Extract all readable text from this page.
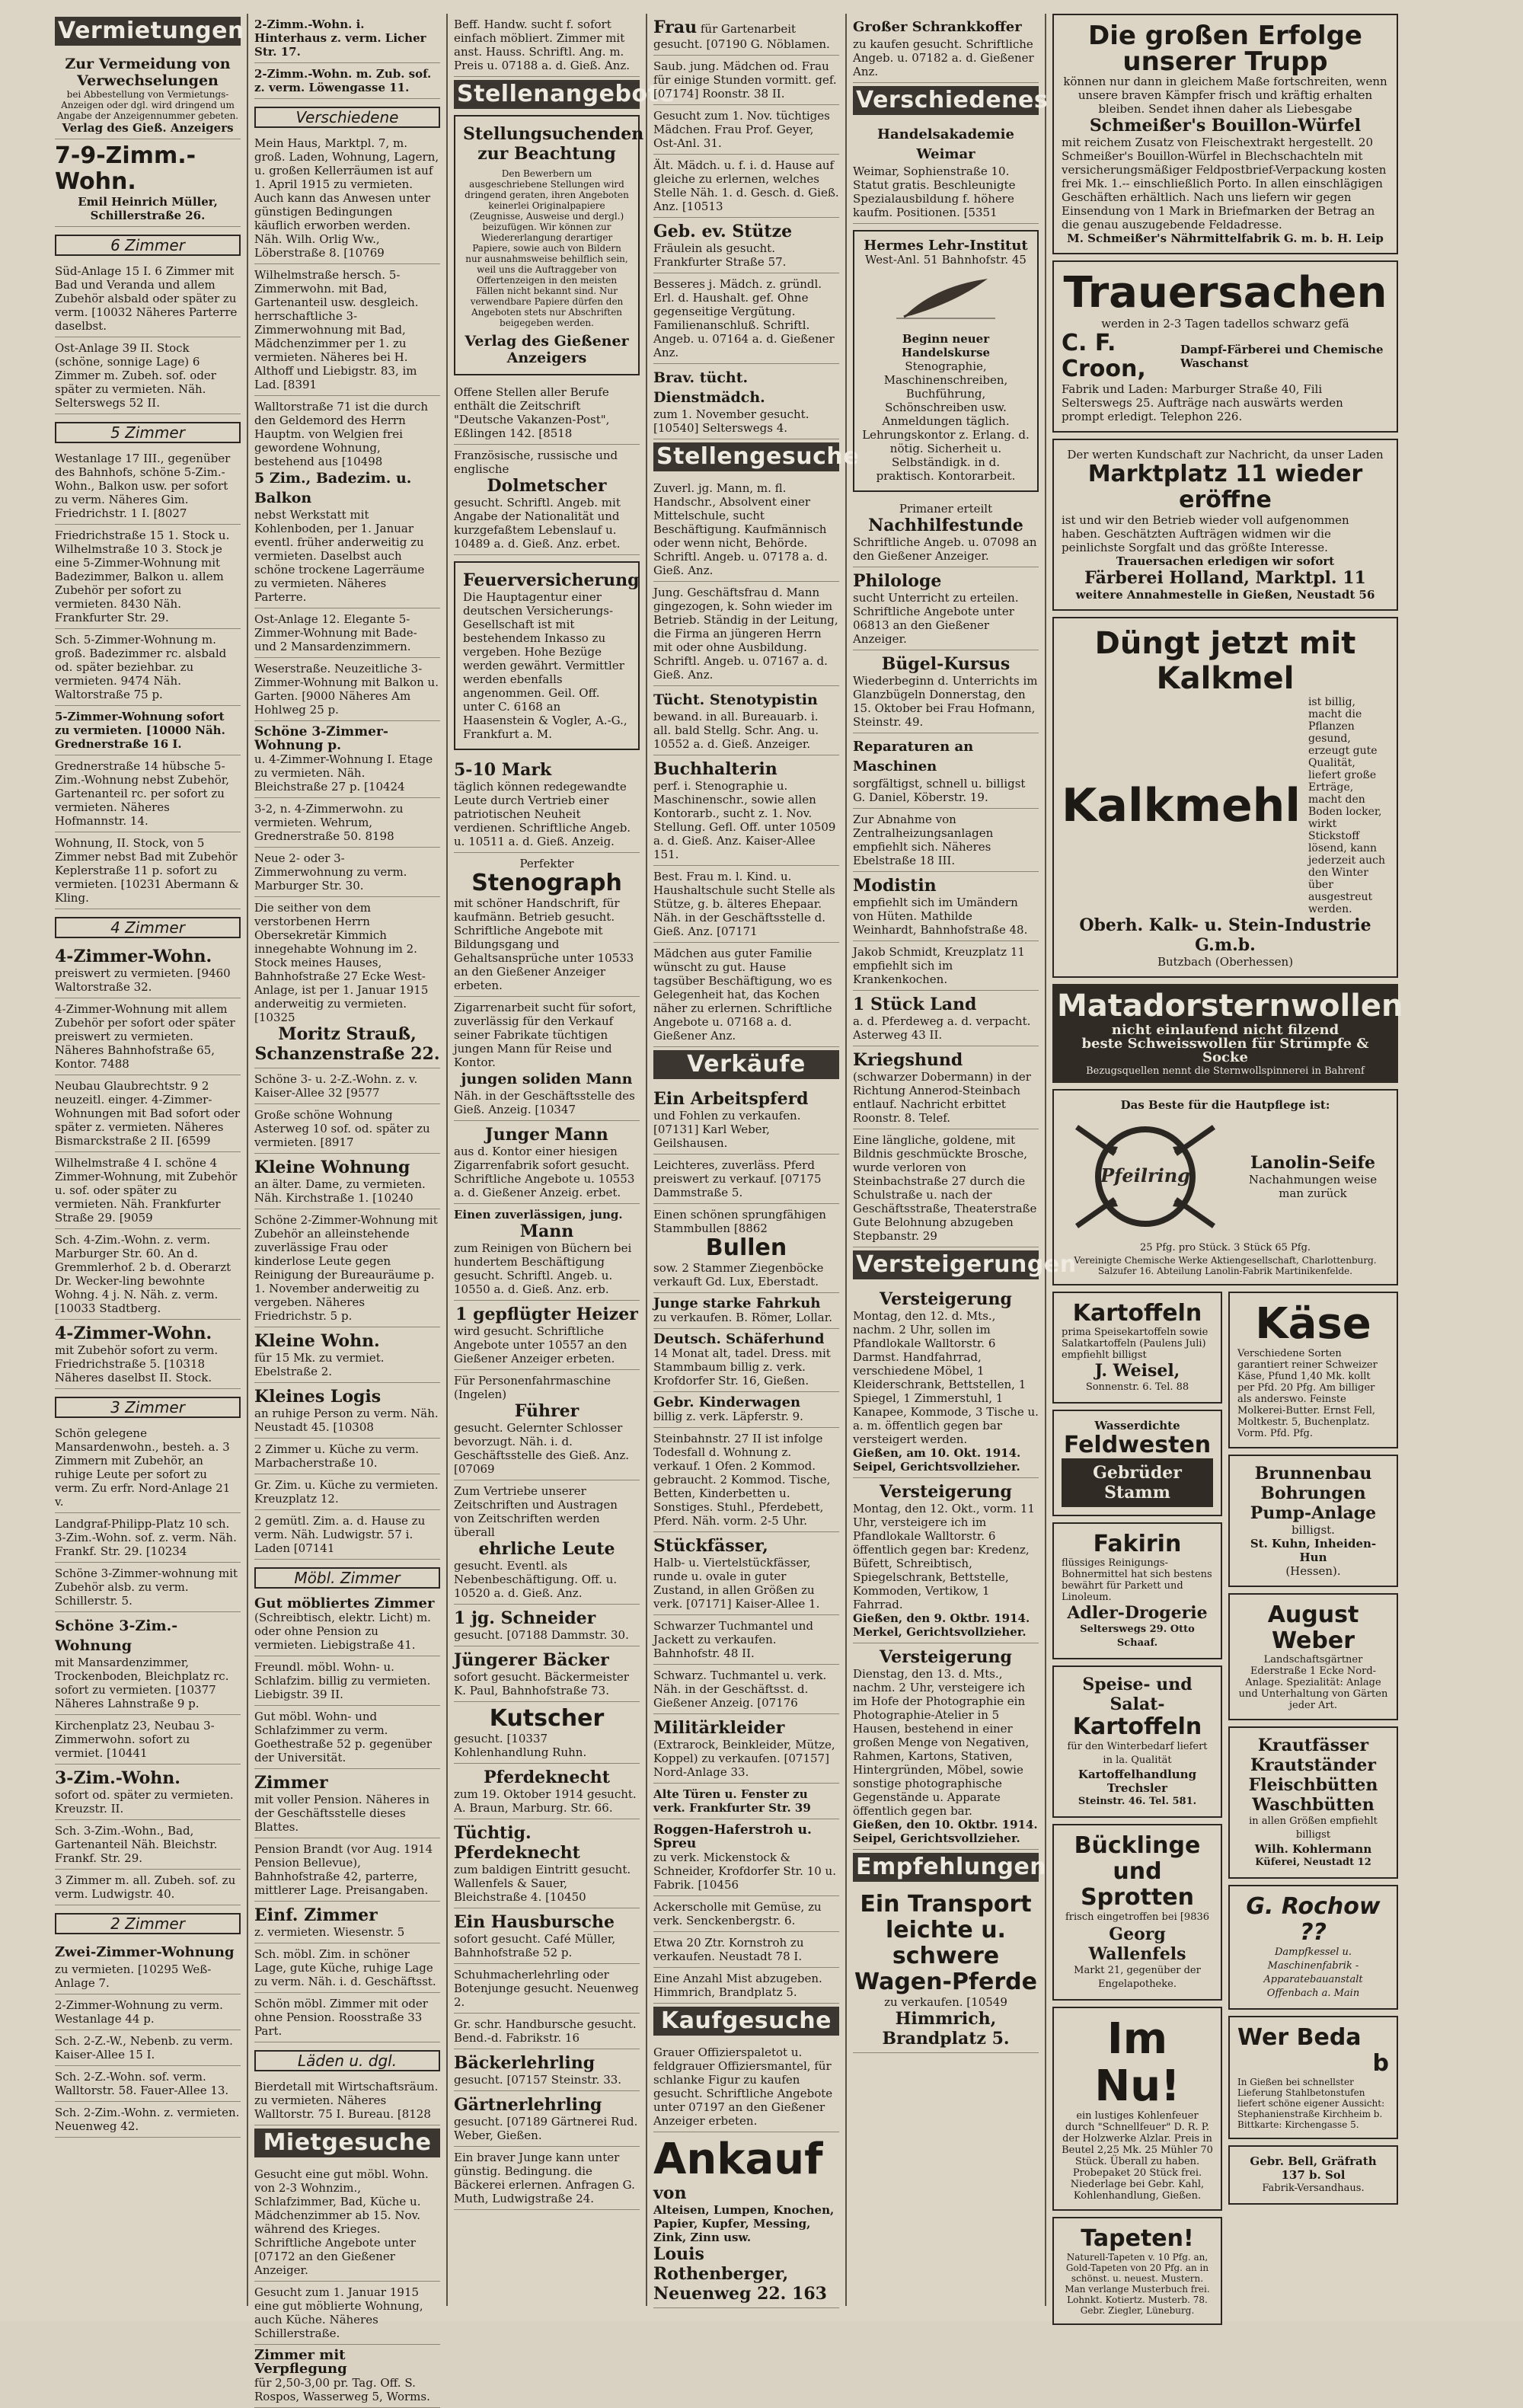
Vermietungen
Zur Vermeidung von Verwechselungen
bei Abbestellung von Vermietungs-Anzeigen oder dgl. wird dringend um Angabe der Anzeigennummer gebeten.
Verlag des Gieß. Anzeigers
7-9-Zimm.-Wohn.
Emil Heinrich Müller, Schillerstraße 26.
6 Zimmer
Süd-Anlage 15 I. 6 Zimmer mit Bad und Veranda und allem Zubehör alsbald oder später zu verm. [10032 Näheres Parterre daselbst.
Ost-Anlage 39 II. Stock (schöne, sonnige Lage) 6 Zimmer m. Zubeh. sof. oder später zu vermieten. Näh. Selterswegs 52 II.
5 Zimmer
Westanlage 17 III., gegenüber des Bahnhofs, schöne 5-Zim.-Wohn., Balkon usw. per sofort zu verm. Näheres Gim. Friedrichstr. 1 I. [8027
Friedrichstraße 15 1. Stock u. Wilhelmstraße 10 3. Stock je eine 5-Zimmer-Wohnung mit Badezimmer, Balkon u. allem Zubehör per sofort zu vermieten. 8430 Näh. Frankfurter Str. 29.
Sch. 5-Zimmer-Wohnung m. groß. Badezimmer rc. alsbald od. später beziehbar. zu vermieten. 9474 Näh. Waltorstraße 75 p.
5-Zimmer-Wohnung sofort zu vermieten. [10000 Näh. Grednerstraße 16 I.
Grednerstraße 14 hübsche 5-Zim.-Wohnung nebst Zubehör, Gartenanteil rc. per sofort zu vermieten. Näheres Hofmannstr. 14.
Wohnung, II. Stock, von 5 Zimmer nebst Bad mit Zubehör Keplerstraße 11 p. sofort zu vermieten. [10231 Abermann & Kling.
4 Zimmer
4-Zimmer-Wohn.
preiswert zu vermieten. [9460 Waltorstraße 32.
4-Zimmer-Wohnung mit allem Zubehör per sofort oder später preiswert zu vermieten. Näheres Bahnhofstraße 65, Kontor. 7488
Neubau Glaubrechtstr. 9 2 neuzeitl. einger. 4-Zimmer-Wohnungen mit Bad sofort oder später z. vermieten. Näheres Bismarckstraße 2 II. [6599
Wilhelmstraße 4 I. schöne 4 Zimmer-Wohnung, mit Zubehör u. sof. oder später zu vermieten. Näh. Frankfurter Straße 29. [9059
Sch. 4-Zim.-Wohn. z. verm. Marburger Str. 60. An d. Gremmlerhof. 2 b. d. Oberarzt Dr. Wecker-ling bewohnte Wohng. 4 j. N. Näh. z. verm. [10033 Stadtberg.
4-Zimmer-Wohn.
mit Zubehör sofort zu verm. Friedrichstraße 5. [10318 Näheres daselbst II. Stock.
3 Zimmer
Schön gelegene Mansardenwohn., besteh. a. 3 Zimmern mit Zubehör, an ruhige Leute per sofort zu verm. Zu erfr. Nord-Anlage 21 v.
Landgraf-Philipp-Platz 10 sch. 3-Zim.-Wohn. sof. z. verm. Näh. Frankf. Str. 29. [10234
Schöne 3-Zimmer-wohnung mit Zubehör alsb. zu verm. Schillerstr. 5.
Schöne 3-Zim.-Wohnung
mit Mansardenzimmer, Trockenboden, Bleichplatz rc. sofort zu vermieten. [10377 Näheres Lahnstraße 9 p.
Kirchenplatz 23, Neubau 3-Zimmerwohn. sofort zu vermiet. [10441
3-Zim.-Wohn.
sofort od. später zu vermieten. Kreuzstr. II.
Sch. 3-Zim.-Wohn., Bad, Gartenanteil Näh. Bleichstr. Frankf. Str. 29.
3 Zimmer m. all. Zubeh. sof. zu verm. Ludwigstr. 40.
2 Zimmer
Zwei-Zimmer-Wohnung
zu vermieten. [10295 Weß-Anlage 7.
2-Zimmer-Wohnung zu verm. Westanlage 44 p.
Sch. 2-Z.-W., Nebenb. zu verm. Kaiser-Allee 15 I.
Sch. 2-Z.-Wohn. sof. verm. Walltorstr. 58. Fauer-Allee 13.
Sch. 2-Zim.-Wohn. z. vermieten. Neuenweg 42.
2-Zimm.-Wohn. i. Hinterhaus z. verm. Licher Str. 17.
2-Zimm.-Wohn. m. Zub. sof. z. verm. Löwengasse 11.
Verschiedene
Mein Haus, Marktpl. 7, m. groß. Laden, Wohnung, Lagern, u. großen Kellerräumen ist auf 1. April 1915 zu vermieten. Auch kann das Anwesen unter günstigen Bedingungen käuflich erworben werden. Näh. Wilh. Orlig Ww., Löberstraße 8. [10769
Wilhelmstraße hersch. 5-Zimmerwohn. mit Bad, Gartenanteil usw. desgleich. herrschaftliche 3-Zimmerwohnung mit Bad, Mädchenzimmer per 1. zu vermieten. Näheres bei H. Althoff und Liebigstr. 83, im Lad. [8391
Walltorstraße 71 ist die durch den Geldemord des Herrn Hauptm. von Welgien frei gewordene Wohnung, bestehend aus [10498
5 Zim., Badezim. u. Balkon
nebst Werkstatt mit Kohlenboden, per 1. Januar eventl. früher anderweitig zu vermieten. Daselbst auch schöne trockene Lagerräume zu vermieten. Näheres Parterre.
Ost-Anlage 12. Elegante 5-Zimmer-Wohnung mit Bade- und 2 Mansardenzimmern.
Weserstraße. Neuzeitliche 3-Zimmer-Wohnung mit Balkon u. Garten. [9000 Näheres Am Hohlweg 25 p.
Schöne 3-Zimmer-Wohnung p.
u. 4-Zimmer-Wohnung I. Etage zu vermieten. Näh. Bleichstraße 27 p. [10424
3-2, n. 4-Zimmerwohn. zu vermieten. Wehrum, Grednerstraße 50. 8198
Neue 2- oder 3-Zimmerwohnung zu verm. Marburger Str. 30.
Die seither von dem verstorbenen Herrn Obersekretär Kimmich innegehabte Wohnung im 2. Stock meines Hauses, Bahnhofstraße 27 Ecke West-Anlage, ist per 1. Januar 1915 anderweitig zu vermieten. [10325
Moritz Strauß, Schanzenstraße 22.
Schöne 3- u. 2-Z.-Wohn. z. v. Kaiser-Allee 32 [9577
Große schöne Wohnung Asterweg 10 sof. od. später zu vermieten. [8917
Kleine Wohnung
an älter. Dame, zu vermieten. Näh. Kirchstraße 1. [10240
Schöne 2-Zimmer-Wohnung mit Zubehör an alleinstehende zuverlässige Frau oder kinderlose Leute gegen Reinigung der Bureauräume p. 1. November anderweitig zu vergeben. Näheres Friedrichstr. 5 p.
Kleine Wohn.
für 15 Mk. zu vermiet. Ebelstraße 2.
Kleines Logis
an ruhige Person zu verm. Näh. Neustadt 45. [10308
2 Zimmer u. Küche zu verm. Marbacherstraße 10.
Gr. Zim. u. Küche zu vermieten. Kreuzplatz 12.
2 gemütl. Zim. a. d. Hause zu verm. Näh. Ludwigstr. 57 i. Laden [07141
Möbl. Zimmer
Gut möbliertes Zimmer
(Schreibtisch, elektr. Licht) m. oder ohne Pension zu vermieten. Liebigstraße 41.
Freundl. möbl. Wohn- u. Schlafzim. billig zu vermieten. Liebigstr. 39 II.
Gut möbl. Wohn- und Schlafzimmer zu verm. Goethestraße 52 p. gegenüber der Universität.
Zimmer
mit voller Pension. Näheres in der Geschäftsstelle dieses Blattes.
Pension Brandt (vor Aug. 1914 Pension Bellevue), Bahnhofstraße 42, parterre, mittlerer Lage. Preisangaben.
Einf. Zimmer
z. vermieten. Wiesenstr. 5
Sch. möbl. Zim. in schöner Lage, gute Küche, ruhige Lage zu verm. Näh. i. d. Geschäftsst.
Schön möbl. Zimmer mit oder ohne Pension. Roosstraße 33 Part.
Läden u. dgl.
Bierdetall mit Wirtschaftsräum. zu vermieten. Näheres Walltorstr. 75 I. Bureau. [8128
Mietgesuche
Gesucht eine gut möbl. Wohn. von 2-3 Wohnzim., Schlafzimmer, Bad, Küche u. Mädchenzimmer ab 15. Nov. während des Krieges. Schriftliche Angebote unter [07172 an den Gießener Anzeiger.
Gesucht zum 1. Januar 1915 eine gut möblierte Wohnung, auch Küche. Näheres Schillerstraße.
Zimmer mit Verpflegung
für 2,50-3,00 pr. Tag. Off. S. Rospos, Wasserweg 5, Worms.
Beff. Handw. sucht f. sofort einfach möbliert. Zimmer mit anst. Hauss. Schriftl. Ang. m. Preis u. 07188 a. d. Gieß. Anz.
Stellenangebote
Stellungsuchenden zur Beachtung
Den Bewerbern um ausgeschriebene Stellungen wird dringend geraten, ihren Angeboten keinerlei Originalpapiere (Zeugnisse, Ausweise und dergl.) beizufügen. Wir können zur Wiedererlangung derartiger Papiere, sowie auch von Bildern nur ausnahmsweise behilflich sein, weil uns die Auftraggeber von Offertenzeigen in den meisten Fällen nicht bekannt sind. Nur verwendbare Papiere dürfen den Angeboten stets nur Abschriften beigegeben werden.
Verlag des Gießener Anzeigers
Offene Stellen aller Berufe enthält die Zeitschrift "Deutsche Vakanzen-Post", Eßlingen 142. [8518
Französische, russische und englische
Dolmetscher
gesucht. Schriftl. Angeb. mit Angabe der Nationalität und kurzgefaßtem Lebenslauf u. 10489 a. d. Gieß. Anz. erbet.
Feuerversicherung
Die Hauptagentur einer deutschen Versicherungs-Gesellschaft ist mit bestehendem Inkasso zu vergeben. Hohe Bezüge werden gewährt. Vermittler werden ebenfalls angenommen. Geil. Off. unter C. 6168 an Haasenstein & Vogler, A.-G., Frankfurt a. M.
5-10 Mark
täglich können redegewandte Leute durch Vertrieb einer patriotischen Neuheit verdienen. Schriftliche Angeb. u. 10511 a. d. Gieß. Anzeig.
Perfekter
Stenograph
mit schöner Handschrift, für kaufmänn. Betrieb gesucht. Schriftliche Angebote mit Bildungsgang und Gehaltsansprüche unter 10533 an den Gießener Anzeiger erbeten.
Zigarrenarbeit sucht für sofort, zuverlässig für den Verkauf seiner Fabrikate tüchtigen jungen Mann für Reise und Kontor.
jungen soliden Mann
Näh. in der Geschäftsstelle des Gieß. Anzeig. [10347
Junger Mann
aus d. Kontor einer hiesigen Zigarrenfabrik sofort gesucht. Schriftliche Angebote u. 10553 a. d. Gießener Anzeig. erbet.
Einen zuverlässigen, jung.
Mann
zum Reinigen von Büchern bei hundertem Beschäftigung gesucht. Schriftl. Angeb. u. 10550 a. d. Gieß. Anz. erb.
1 gepflügter Heizer
wird gesucht. Schriftliche Angebote unter 10557 an den Gießener Anzeiger erbeten.
Für Personenfahrmaschine (Ingelen)
Führer
gesucht. Gelernter Schlosser bevorzugt. Näh. i. d. Geschäftsstelle des Gieß. Anz. [07069
Zum Vertriebe unserer Zeitschriften und Austragen von Zeitschriften werden überall
ehrliche Leute
gesucht. Eventl. als Nebenbeschäftigung. Off. u. 10520 a. d. Gieß. Anz.
1 jg. Schneider
gesucht. [07188 Dammstr. 30.
Jüngerer Bäcker
sofort gesucht. Bäckermeister K. Paul, Bahnhofstraße 73.
Kutscher
gesucht. [10337 Kohlenhandlung Ruhn.
Pferdeknecht
zum 19. Oktober 1914 gesucht. A. Braun, Marburg. Str. 66.
Tüchtig. Pferdeknecht
zum baldigen Eintritt gesucht. Wallenfels & Sauer, Bleichstraße 4. [10450
Ein Hausbursche
sofort gesucht. Café Müller, Bahnhofstraße 52 p.
Schuhmacherlehrling oder Botenjunge gesucht. Neuenweg 2.
Gr. schr. Handbursche gesucht. Bend.-d. Fabrikstr. 16
Bäckerlehrling
gesucht. [07157 Steinstr. 33.
Gärtnerlehrling
gesucht. [07189 Gärtnerei Rud. Weber, Gießen.
Ein braver Junge kann unter günstig. Bedingung. die Bäckerei erlernen. Anfragen G. Muth, Ludwigstraße 24.
Frau für Gartenarbeit gesucht. [07190 G. Nöblamen.
Saub. jung. Mädchen od. Frau für einige Stunden vormitt. gef. [07174] Roonstr. 38 II.
Gesucht zum 1. Nov. tüchtiges Mädchen. Frau Prof. Geyer, Ost-Anl. 31.
Ält. Mädch. u. f. i. d. Hause auf gleiche zu erlernen, welches Stelle Näh. 1. d. Gesch. d. Gieß. Anz. [10513
Geb. ev. Stütze
Fräulein als gesucht. Frankfurter Straße 57.
Besseres j. Mädch. z. gründl. Erl. d. Haushalt. gef. Ohne gegenseitige Vergütung. Familienanschluß. Schriftl. Angeb. u. 07164 a. d. Gießener Anz.
Brav. tücht. Dienstmädch.
zum 1. November gesucht. [10540] Selterswegs 4.
Stellengesuche
Zuverl. jg. Mann, m. fl. Handschr., Absolvent einer Mittelschule, sucht Beschäftigung. Kaufmännisch oder wenn nicht, Behörde. Schriftl. Angeb. u. 07178 a. d. Gieß. Anz.
Jung. Geschäftsfrau d. Mann gingezogen, k. Sohn wieder im Betrieb. Ständig in der Leitung, die Firma an jüngeren Herrn mit oder ohne Ausbildung. Schriftl. Angeb. u. 07167 a. d. Gieß. Anz.
Tücht. Stenotypistin
bewand. in all. Bureauarb. i. all. bald Stellg. Schr. Ang. u. 10552 a. d. Gieß. Anzeiger.
Buchhalterin
perf. i. Stenographie u. Maschinenschr., sowie allen Kontorarb., sucht z. 1. Nov. Stellung. Gefl. Off. unter 10509 a. d. Gieß. Anz. Kaiser-Allee 151.
Best. Frau m. l. Kind. u. Haushaltschule sucht Stelle als Stütze, g. b. älteres Ehepaar. Näh. in der Geschäftsstelle d. Gieß. Anz. [07171
Mädchen aus guter Familie wünscht zu gut. Hause tagsüber Beschäftigung, wo es Gelegenheit hat, das Kochen näher zu erlernen. Schriftliche Angebote u. 07168 a. d. Gießener Anz.
Verkäufe
Ein Arbeitspferd
und Fohlen zu verkaufen. [07131] Karl Weber, Geilshausen.
Leichteres, zuverläss. Pferd preiswert zu verkauf. [07175 Dammstraße 5.
Einen schönen sprungfähigen Stammbullen [8862
Bullen
sow. 2 Stammer Ziegenböcke verkauft Gd. Lux, Eberstadt.
Junge starke Fahrkuh
zu verkaufen. B. Römer, Lollar.
Deutsch. Schäferhund
14 Monat alt, tadel. Dress. mit Stammbaum billig z. verk. Krofdorfer Str. 16, Gießen.
Gebr. Kinderwagen
billig z. verk. Läpferstr. 9.
Steinbahnstr. 27 II ist infolge Todesfall d. Wohnung z. verkauf. 1 Ofen. 2 Kommod. gebraucht. 2 Kommod. Tische, Betten, Kinderbetten u. Sonstiges. Stuhl., Pferdebett, Pferd. Näh. vorm. 2-5 Uhr.
Stückfässer,
Halb- u. Viertelstückfässer, runde u. ovale in guter Zustand, in allen Größen zu verk. [07171] Kaiser-Allee 1.
Schwarzer Tuchmantel und Jackett zu verkaufen. Bahnhofstr. 48 II.
Schwarz. Tuchmantel u. verk. Näh. in der Geschäftsst. d. Gießener Anzeig. [07176
Militärkleider
(Extrarock, Beinkleider, Mütze, Koppel) zu verkaufen. [07157] Nord-Anlage 33.
Alte Türen u. Fenster zu verk. Frankfurter Str. 39
Roggen-Haferstroh u. Spreu
zu verk. Mickenstock & Schneider, Krofdorfer Str. 10 u. Fabrik. [10456
Ackerscholle mit Gemüse, zu verk. Senckenbergstr. 6.
Etwa 20 Ztr. Kornstroh zu verkaufen. Neustadt 78 I.
Eine Anzahl Mist abzugeben. Himmrich, Brandplatz 5.
Kaufgesuche
Grauer Offizierspaletot u. feldgrauer Offiziersmantel, für schlanke Figur zu kaufen gesucht. Schriftliche Angebote unter 07197 an den Gießener Anzeiger erbeten.
Ankauf von
Alteisen, Lumpen, Knochen, Papier, Kupfer, Messing, Zink, Zinn usw.
Louis Rothenberger, Neuenweg 22. 163
Großer Schrankkoffer
zu kaufen gesucht. Schriftliche Angeb. u. 07182 a. d. Gießener Anz.
Verschiedenes
Handelsakademie Weimar
Weimar, Sophienstraße 10. Statut gratis. Beschleunigte Spezialausbildung f. höhere kaufm. Positionen. [5351
Hermes Lehr-Institut
West-Anl. 51 Bahnhofstr. 45
Beginn neuer Handelskurse
Stenographie, Maschinenschreiben, Buchführung, Schönschreiben usw.
Anmeldungen täglich.
Lehrungskontor z. Erlang. d. nötig. Sicherheit u. Selbständigk. in d. praktisch. Kontorarbeit.
Primaner erteilt
Nachhilfestunde
Schriftliche Angeb. u. 07098 an den Gießener Anzeiger.
Philologe
sucht Unterricht zu erteilen. Schriftliche Angebote unter 06813 an den Gießener Anzeiger.
Bügel-Kursus
Wiederbeginn d. Unterrichts im Glanzbügeln Donnerstag, den 15. Oktober bei Frau Hofmann, Steinstr. 49.
Reparaturen an Maschinen
sorgfältigst, schnell u. billigst G. Daniel, Köberstr. 19.
Zur Abnahme von Zentralheizungsanlagen empfiehlt sich. Näheres Ebelstraße 18 III.
Modistin
empfiehlt sich im Umändern von Hüten. Mathilde Weinhardt, Bahnhofstraße 48.
Jakob Schmidt, Kreuzplatz 11 empfiehlt sich im Krankenkochen.
1 Stück Land
a. d. Pferdeweg a. d. verpacht. Asterweg 43 II.
Kriegshund
(schwarzer Dobermann) in der Richtung Annerod-Steinbach entlauf. Nachricht erbittet Roonstr. 8. Telef.
Eine längliche, goldene, mit Bildnis geschmückte Brosche, wurde verloren von Steinbachstraße 27 durch die Schulstraße u. nach der Geschäftsstraße, Theaterstraße Gute Belohnung abzugeben Stepbanstr. 29
Versteigerungen
Versteigerung
Montag, den 12. d. Mts., nachm. 2 Uhr, sollen im Pfandlokale Walltorstr. 6 Darmst. Handfahrrad, verschiedene Möbel, 1 Kleiderschrank, Bettstellen, 1 Spiegel, 1 Zimmerstuhl, 1 Kanapee, Kommode, 3 Tische u. a. m. öffentlich gegen bar versteigert werden.
Gießen, am 10. Okt. 1914. Seipel, Gerichtsvollzieher.
Versteigerung
Montag, den 12. Okt., vorm. 11 Uhr, versteigere ich im Pfandlokale Walltorstr. 6 öffentlich gegen bar: Kredenz, Büfett, Schreibtisch, Spiegelschrank, Bettstelle, Kommoden, Vertikow, 1 Fahrrad.
Gießen, den 9. Oktbr. 1914. Merkel, Gerichtsvollzieher.
Versteigerung
Dienstag, den 13. d. Mts., nachm. 2 Uhr, versteigere ich im Hofe der Photographie ein Photographie-Atelier in 5 Hausen, bestehend in einer großen Menge von Negativen, Rahmen, Kartons, Stativen, Hintergründen, Möbel, sowie sonstige photographische Gegenstände u. Apparate öffentlich gegen bar.
Gießen, den 10. Oktbr. 1914. Seipel, Gerichtsvollzieher.
Empfehlungen
Ein Transport
leichte u. schwere
Wagen-Pferde
zu verkaufen. [10549
Himmrich, Brandplatz 5.
Die großen Erfolge unserer Trupp
können nur dann in gleichem Maße fortschreiten, wenn unsere braven Kämpfer frisch und kräftig erhalten bleiben. Sendet ihnen daher als Liebesgabe
Schmeißer's Bouillon-Würfel
mit reichem Zusatz von Fleischextrakt hergestellt. 20 Schmeißer's Bouillon-Würfel in Blechschachteln mit versicherungsmäßiger Feldpostbrief-Verpackung kosten frei Mk. 1.-- einschließlich Porto. In allen einschlägigen Geschäften erhältlich. Nach uns liefern wir gegen Einsendung von 1 Mark in Briefmarken der Betrag an die genau auszugebende Feldadresse.
M. Schmeißer's Nährmittelfabrik G. m. b. H. Leip
Trauersachen
werden in 2-3 Tagen tadellos schwarz gefä
C. F. Croon,
Dampf-Färberei und Chemische Waschanst
Fabrik und Laden: Marburger Straße 40, Fili Selterswegs 25. Aufträge nach auswärts werden prompt erledigt. Telephon 226.
Der werten Kundschaft zur Nachricht, da unser Laden
Marktplatz 11 wieder eröffne
ist und wir den Betrieb wieder voll aufgenommen haben. Geschätzten Aufträgen widmen wir die peinlichste Sorgfalt und das größte Interesse.
Trauersachen erledigen wir sofort
Färberei Holland, Marktpl. 11
weitere Annahmestelle in Gießen, Neustadt 56
Düngt jetzt mit Kalkmel
Kalkmehl
ist billig, macht die Pflanzen gesund, erzeugt gute Qualität, liefert große Erträge, macht den Boden locker, wirkt Stickstoff lösend, kann jederzeit auch den Winter über ausgestreut werden.
Oberh. Kalk- u. Stein-Industrie G.m.b.
Butzbach (Oberhessen)
Matadorsternwollen
nicht einlaufend nicht filzend
beste Schweisswollen für Strümpfe & Socke
Bezugsquellen nennt die Sternwollspinnerei in Bahrenf
Das Beste für die Hautpflege ist:
Pfeilring
Lanolin-Seife
Nachahmungen weise man zurück
25 Pfg. pro Stück. 3 Stück 65 Pfg.
Vereinigte Chemische Werke Aktiengesellschaft, Charlottenburg. Salzufer 16. Abteilung Lanolin-Fabrik Martinikenfelde.
Kartoffeln
prima Speisekartoffeln sowie Salatkartoffeln (Paulens Juli) empfiehlt billigst
J. Weisel,
Sonnenstr. 6. Tel. 88
Wasserdichte
Feldwesten
Gebrüder Stamm
Fakirin
flüssiges Reinigungs-Bohnermittel hat sich bestens bewährt für Parkett und Linoleum.
Adler-Drogerie
Selterswegs 29. Otto Schaaf.
Speise- und Salat-
Kartoffeln
für den Winterbedarf liefert in la. Qualität
Kartoffelhandlung Trechsler
Steinstr. 46. Tel. 581.
Bücklinge
und Sprotten
frisch eingetroffen bei [9836
Georg Wallenfels
Markt 21, gegenüber der Engelapotheke.
Im Nu!
ein lustiges Kohlenfeuer durch "Schnellfeuer" D. R. P. der Holzwerke Alzlar. Preis in Beutel 2,25 Mk. 25 Mühler 70 Stück. Überall zu haben. Probepaket 20 Stück frei. Niederlage bei Gebr. Kahl, Kohlenhandlung, Gießen.
Tapeten!
Naturell-Tapeten v. 10 Pfg. an, Gold-Tapeten von 20 Pfg. an in schönst. u. neuest. Mustern. Man verlange Musterbuch frei. Lohnkt. Kotiertz. Musterb. 78. Gebr. Ziegler, Lüneburg.
Käse
Verschiedene Sorten garantiert reiner Schweizer Käse, Pfund 1,40 Mk. kollt per Pfd. 20 Pfg. Am billiger als anderswo. Feinste Molkerei-Butter. Ernst Fell, Moltkestr. 5, Buchenplatz. Vorm. Pfd. Pfg.
Brunnenbau
Bohrungen
Pump-Anlage
billigst.
St. Kuhn, Inheiden-Hun
(Hessen).
August Weber
Landschaftsgärtner Ederstraße 1 Ecke Nord-Anlage. Spezialität: Anlage und Unterhaltung von Gärten jeder Art.
Krautfässer
Krautständer
Fleischbütten
Waschbütten
in allen Größen empfiehlt billigst
Wilh. Kohlermann
Küferei, Neustadt 12
G. Rochow ??
Dampfkessel u. Maschinenfabrik - Apparatebauanstalt
Offenbach a. Main
Wer Beda
b
In Gießen bei schnellster Lieferung Stahlbetonstufen liefert schöne eigener Aussicht: Stephanienstraße Kirchheim b. Bittkarte: Kirchengasse 5.
Gebr. Bell, Gräfrath 137 b. Sol
Fabrik-Versandhaus.
